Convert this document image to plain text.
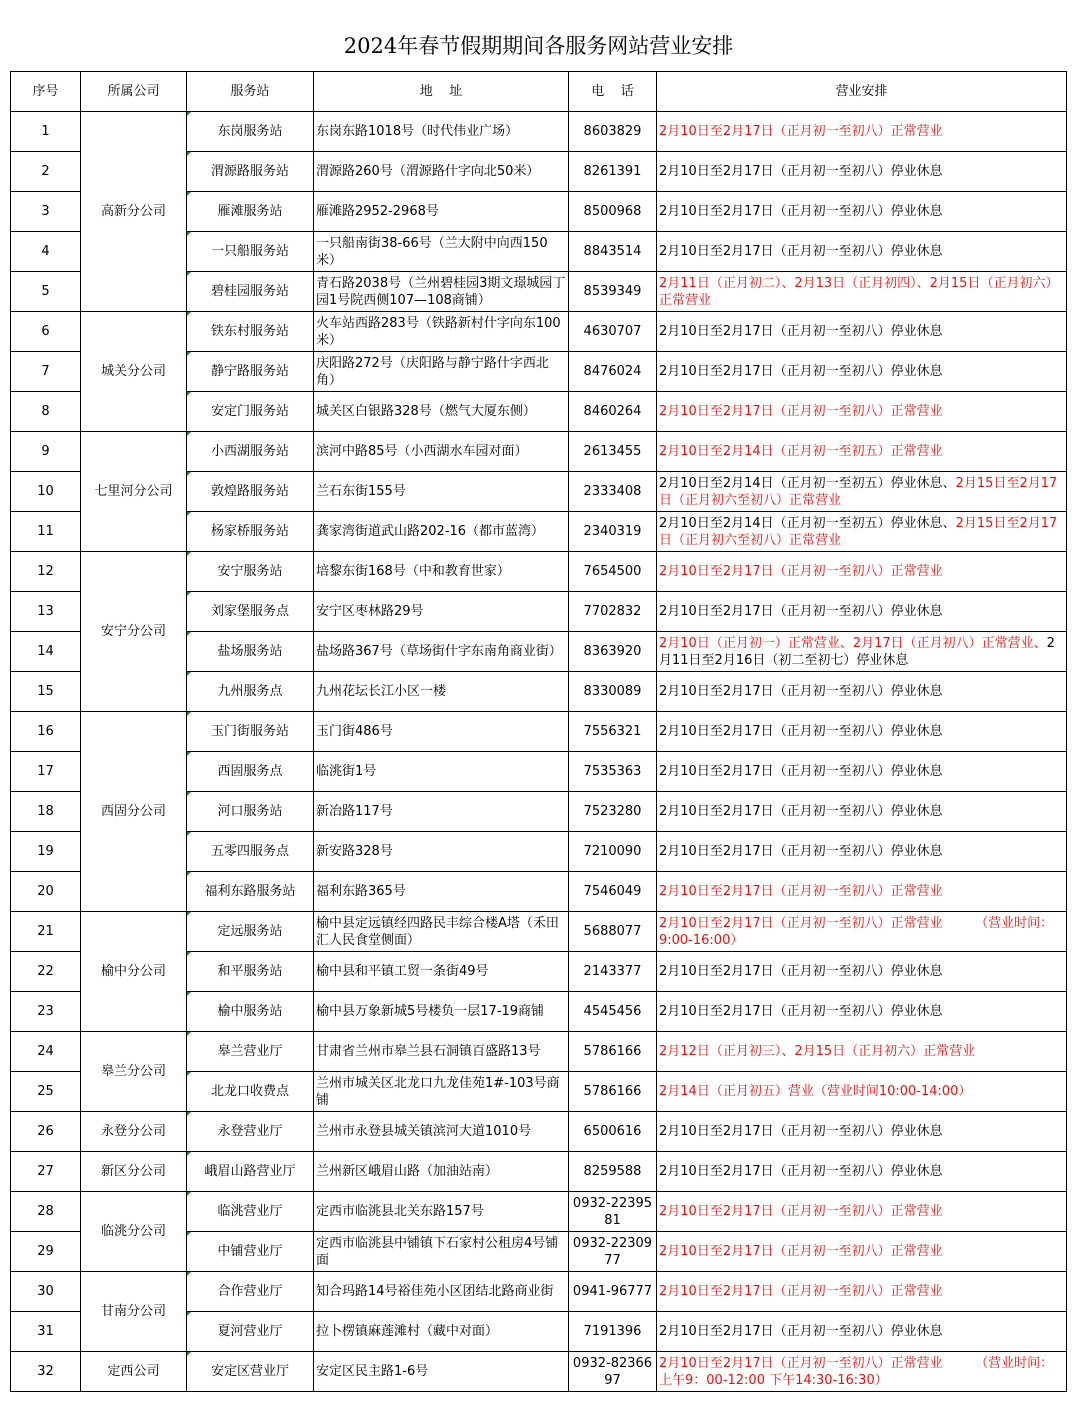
2024年春节假期期间各服务网站营业安排
序号	所属公司	服务站	地    址	电    话	营业安排
1	高新分公司	东岗服务站	东岗东路1018号（时代伟业广场）	8603829	2月10日至2月17日（正月初一至初八）正常营业
2		渭源路服务站	渭源路260号（渭源路什字向北50米）	8261391	2月10日至2月17日（正月初一至初八）停业休息
3		雁滩服务站	雁滩路2952-2968号	8500968	2月10日至2月17日（正月初一至初八）停业休息
4		一只船服务站	一只船南街38-66号（兰大附中向西150米）	8843514	2月10日至2月17日（正月初一至初八）停业休息
5		碧桂园服务站	青石路2038号（兰州碧桂园3期文璟城园丁园1号院西侧107—108商铺）	8539349	2月11日（正月初二）、2月13日（正月初四）、2月15日（正月初六）正常营业
6	城关分公司	铁东村服务站	火车站西路283号（铁路新村什字向东100米）	4630707	2月10日至2月17日（正月初一至初八）停业休息
7		静宁路服务站	庆阳路272号（庆阳路与静宁路什字西北角）	8476024	2月10日至2月17日（正月初一至初八）停业休息
8		安定门服务站	城关区白银路328号（燃气大厦东侧）	8460264	2月10日至2月17日（正月初一至初八）正常营业
9	七里河分公司	小西湖服务站	滨河中路85号（小西湖水车园对面）	2613455	2月10日至2月14日（正月初一至初五）正常营业
10		敦煌路服务站	兰石东街155号	2333408	2月10日至2月14日（正月初一至初五）停业休息、2月15日至2月17日（正月初六至初八）正常营业
11		杨家桥服务站	龚家湾街道武山路202-16（都市蓝湾）	2340319	2月10日至2月14日（正月初一至初五）停业休息、2月15日至2月17日（正月初六至初八）正常营业
12	安宁分公司	安宁服务站	培黎东街168号（中和教育世家）	7654500	2月10日至2月17日（正月初一至初八）正常营业
13		刘家堡服务点	安宁区枣林路29号	7702832	2月10日至2月17日（正月初一至初八）停业休息
14		盐场服务站	盐场路367号（草场街什字东南角商业街）	8363920	2月10日（正月初一）正常营业、2月17日（正月初八）正常营业、2月11日至2月16日（初二至初七）停业休息
15		九州服务点	九州花坛长江小区一楼	8330089	2月10日至2月17日（正月初一至初八）停业休息
16	西固分公司	玉门街服务站	玉门街486号	7556321	2月10日至2月17日（正月初一至初八）停业休息
17		西固服务点	临洮街1号	7535363	2月10日至2月17日（正月初一至初八）停业休息
18		河口服务站	新冶路117号	7523280	2月10日至2月17日（正月初一至初八）停业休息
19		五零四服务点	新安路328号	7210090	2月10日至2月17日（正月初一至初八）停业休息
20		福利东路服务站	福利东路365号	7546049	2月10日至2月17日（正月初一至初八）正常营业
21	榆中分公司	定远服务站	榆中县定远镇经四路民丰综合楼A塔（禾田汇人民食堂侧面）	5688077	2月10日至2月17日（正月初一至初八）正常营业　　　（营业时间：9:00-16:00）
22		和平服务站	榆中县和平镇工贸一条街49号	2143377	2月10日至2月17日（正月初一至初八）停业休息
23		榆中服务站	榆中县万象新城5号楼负一层17-19商铺	4545456	2月10日至2月17日（正月初一至初八）停业休息
24	皋兰分公司	皋兰营业厅	甘肃省兰州市皋兰县石洞镇百盛路13号	5786166	2月12日（正月初三）、2月15日（正月初六）正常营业
25		北龙口收费点	兰州市城关区北龙口九龙佳苑1#-103号商铺	5786166	2月14日（正月初五）营业（营业时间10:00-14:00）
26	永登分公司	永登营业厅	兰州市永登县城关镇滨河大道1010号	6500616	2月10日至2月17日（正月初一至初八）停业休息
27	新区分公司	峨眉山路营业厅	兰州新区峨眉山路（加油站南）	8259588	2月10日至2月17日（正月初一至初八）停业休息
28	临洮分公司	临洮营业厅	定西市临洮县北关东路157号	0932-2239581	2月10日至2月17日（正月初一至初八）正常营业
29		中铺营业厅	定西市临洮县中铺镇下石家村公租房4号铺面	0932-2230977	2月10日至2月17日（正月初一至初八）正常营业
30	甘南分公司	合作营业厅	知合玛路14号裕佳苑小区团结北路商业街	0941-96777	2月10日至2月17日（正月初一至初八）正常营业
31		夏河营业厅	拉卜楞镇麻莲滩村（藏中对面）	7191396	2月10日至2月17日（正月初一至初八）停业休息
32	定西公司	安定区营业厅	安定区民主路1-6号	0932-8236697	2月10日至2月17日（正月初一至初八）正常营业　　　（营业时间：上午9：00-12:00 下午14:30-16:30）
